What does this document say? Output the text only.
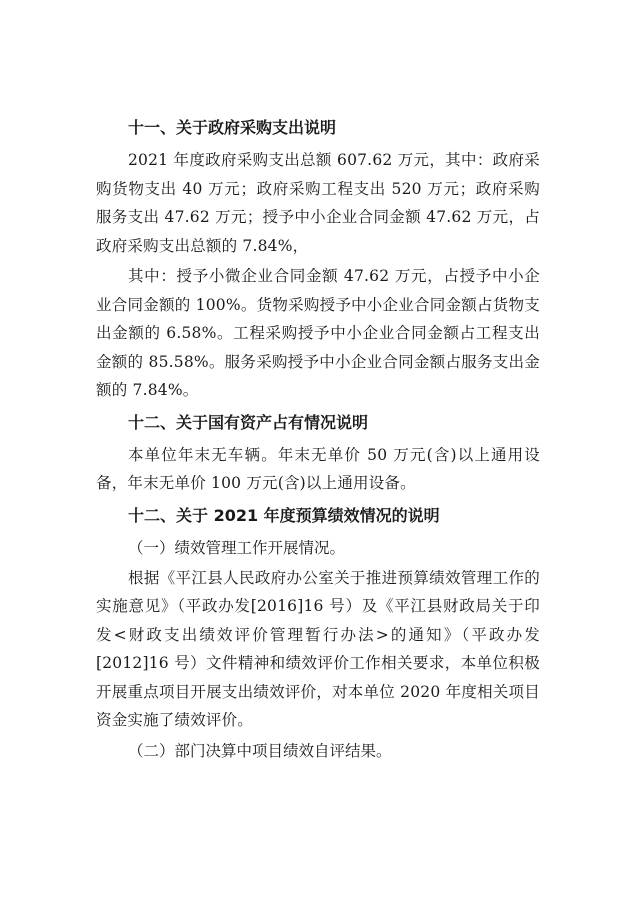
十一、关于政府采购支出说明

2021 年度政府采购支出总额 607.62 万元，其中：政府采购货物支出 40 万元；政府采购工程支出 520 万元；政府采购服务支出 47.62 万元；授予中小企业合同金额 47.62 万元，占政府采购支出总额的 7.84%，

其中：授予小微企业合同金额 47.62 万元，占授予中小企业合同金额的 100%。货物采购授予中小企业合同金额占货物支出金额的 6.58%。工程采购授予中小企业合同金额占工程支出金额的 85.58%。服务采购授予中小企业合同金额占服务支出金额的 7.84%。

十二、关于国有资产占有情况说明

本单位年末无车辆。年末无单价 50 万元(含)以上通用设备，年末无单价 100 万元(含)以上通用设备。

十二、关于 2021 年度预算绩效情况的说明
（一）绩效管理工作开展情况。

根据《平江县人民政府办公室关于推进预算绩效管理工作的实施意见》（平政办发[2016]16 号）及《平江县财政局关于印发<财政支出绩效评价管理暂行办法>的通知》（平政办发[2012]16 号）文件精神和绩效评价工作相关要求，本单位积极开展重点项目开展支出绩效评价，对本单位 2020 年度相关项目资金实施了绩效评价。

（二）部门决算中项目绩效自评结果。
